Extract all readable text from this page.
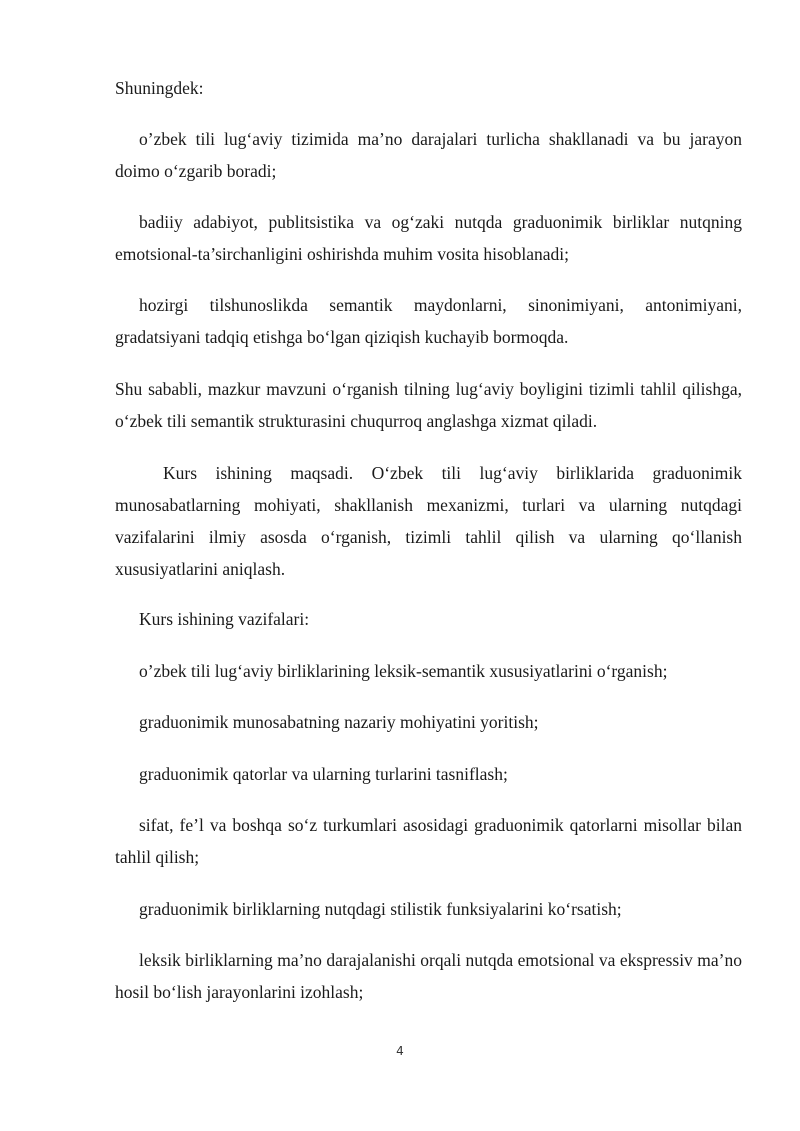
Shuningdek:

o’zbek tili lug‘aviy tizimida ma’no darajalari turlicha shakllanadi va bu jarayon doimo o‘zgarib boradi;

badiiy adabiyot, publitsistika va og‘zaki nutqda graduonimik birliklar nutqning emotsional-ta’sirchanligini oshirishda muhim vosita hisoblanadi;

hozirgi tilshunoslikda semantik maydonlarni, sinonimiyani, antonimiyani, gradatsiyani tadqiq etishga bo‘lgan qiziqish kuchayib bormoqda.

Shu sababli, mazkur mavzuni o‘rganish tilning lug‘aviy boyligini tizimli tahlil qilishga, o‘zbek tili semantik strukturasini chuqurroq anglashga xizmat qiladi.

Kurs ishining maqsadi. O‘zbek tili lug‘aviy birliklarida graduonimik munosabatlarning mohiyati, shakllanish mexanizmi, turlari va ularning nutqdagi vazifalarini ilmiy asosda o‘rganish, tizimli tahlil qilish va ularning qo‘llanish xususiyatlarini aniqlash.

Kurs ishining vazifalari:

o’zbek tili lug‘aviy birliklarining leksik-semantik xususiyatlarini o‘rganish;

graduonimik munosabatning nazariy mohiyatini yoritish;

graduonimik qatorlar va ularning turlarini tasniflash;

sifat, fe’l va boshqa so‘z turkumlari asosidagi graduonimik qatorlarni misollar bilan tahlil qilish;

graduonimik birliklarning nutqdagi stilistik funksiyalarini ko‘rsatish;

leksik birliklarning ma’no darajalanishi orqali nutqda emotsional va ekspressiv ma’no hosil bo‘lish jarayonlarini izohlash;

4
